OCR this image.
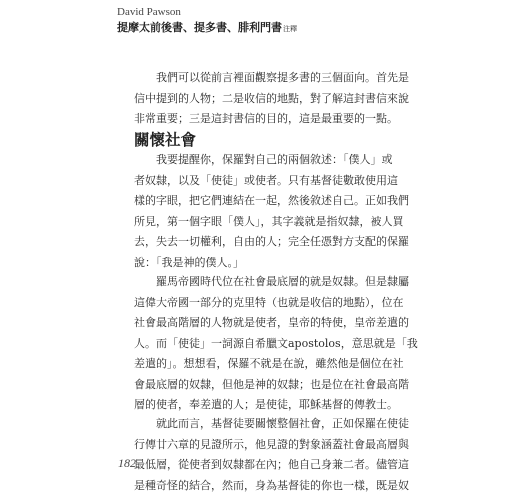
David Pawson
提摩太前後書、提多書、腓利門書注釋
我們可以從前言裡面觀察提多書的三個面向。首先是
信中提到的人物；二是收信的地點，對了解這封書信來說
非常重要；三是這封書信的目的，這是最重要的一點。
關懷社會
我要提醒你，保羅對自己的兩個敘述：「僕人」或
者奴隸，以及「使徒」或使者。只有基督徒數敢使用這
樣的字眼，把它們連結在一起，然後敘述自己。正如我們
所見，第一個字眼「僕人」，其字義就是指奴隸，被人買
去，失去一切權利，自由的人；完全任憑對方支配的保羅
說：「我是神的僕人。」
羅馬帝國時代位在社會最底層的就是奴隸。但是隸屬
這偉大帝國一部分的克里特（也就是收信的地點），位在
社會最高階層的人物就是使者，皇帝的特使，皇帝差遣的
人。而「使徒」一詞源自希臘文apostolos，意思就是「我
差遣的」。想想看，保羅不就是在說，雖然他是個位在社
會最底層的奴隸，但他是神的奴隸；也是位在社會最高階
層的使者，奉差遣的人；是使徒，耶穌基督的傳教士。
就此而言，基督徒要關懷整個社會，正如保羅在使徒
行傳廿六章的見證所示，他見證的對象涵蓋社會最高層與
最低層，從使者到奴隸都在內；他自己身兼二者。儘管這
是種奇怪的結合，然而，身為基督徒的你也一樣，既是奴
182
